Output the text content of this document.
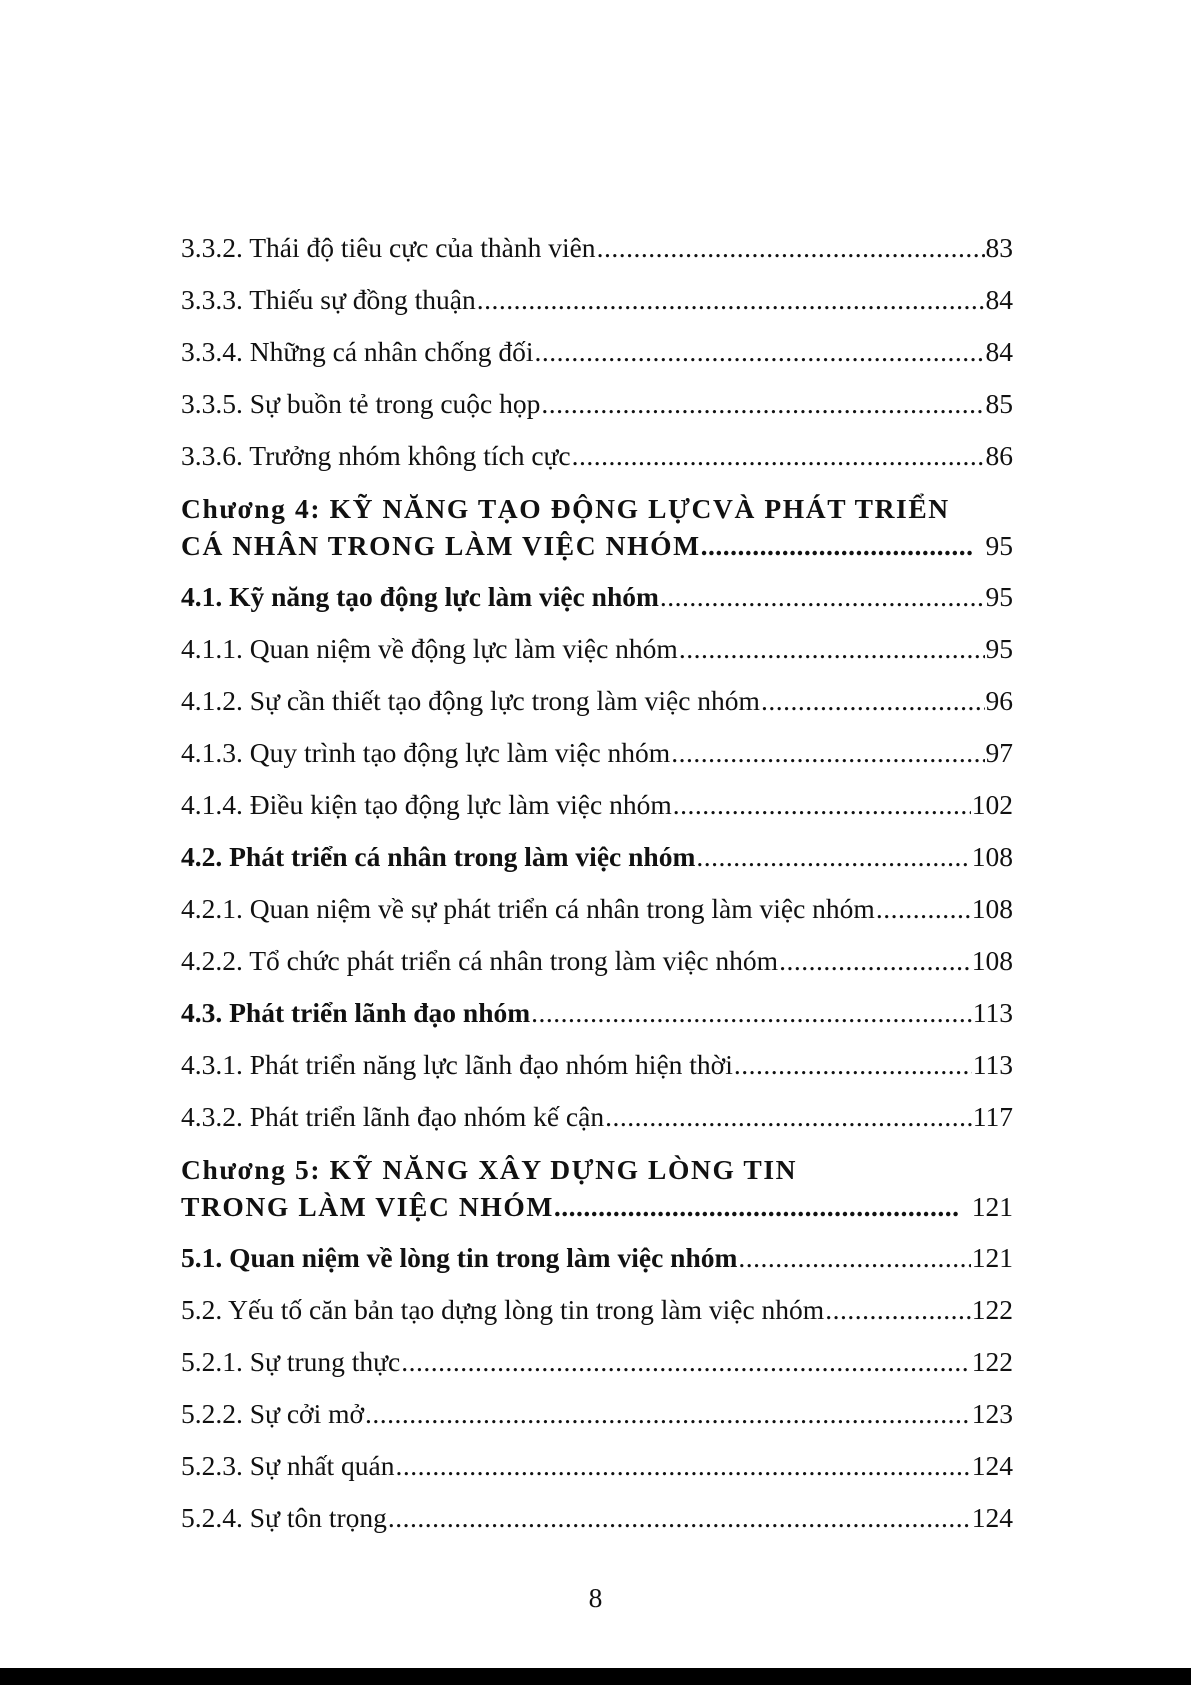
3.3.2. Thái độ tiêu cực của thành viên .....	83
3.3.3. Thiếu sự đồng thuận .....	84
3.3.4. Những cá nhân chống đối .....	84
3.3.5. Sự buồn tẻ trong cuộc họp .....	85
3.3.6. Trưởng nhóm không tích cực .....	86
Chương 4: KỸ NĂNG TẠO ĐỘNG LỰCVÀ PHÁT TRIỂN
CÁ NHÂN TRONG LÀM VIỆC NHÓM .....	95
4.1. Kỹ năng tạo động lực làm việc nhóm .....	95
4.1.1. Quan niệm về động lực làm việc nhóm .....	95
4.1.2. Sự cần thiết tạo động lực trong làm việc nhóm .....	96
4.1.3. Quy trình tạo động lực làm việc nhóm .....	97
4.1.4. Điều kiện tạo động lực làm việc nhóm .....	102
4.2. Phát triển cá nhân trong làm việc nhóm .....	108
4.2.1. Quan niệm về sự phát triển cá nhân trong làm việc nhóm .....	108
4.2.2. Tổ chức phát triển cá nhân trong làm việc nhóm .....	108
4.3. Phát triển lãnh đạo nhóm .....	113
4.3.1. Phát triển năng lực lãnh đạo nhóm hiện thời .....	113
4.3.2. Phát triển lãnh đạo nhóm kế cận .....	117
Chương 5: KỸ NĂNG XÂY DỰNG LÒNG TIN
TRONG LÀM VIỆC NHÓM .....	121
5.1. Quan niệm về lòng tin trong làm việc nhóm .....	121
5.2. Yếu tố căn bản tạo dựng lòng tin trong làm việc nhóm .....	122
5.2.1. Sự trung thực .....	122
5.2.2. Sự cởi mở .....	123
5.2.3. Sự nhất quán .....	124
5.2.4. Sự tôn trọng .....	124
8
